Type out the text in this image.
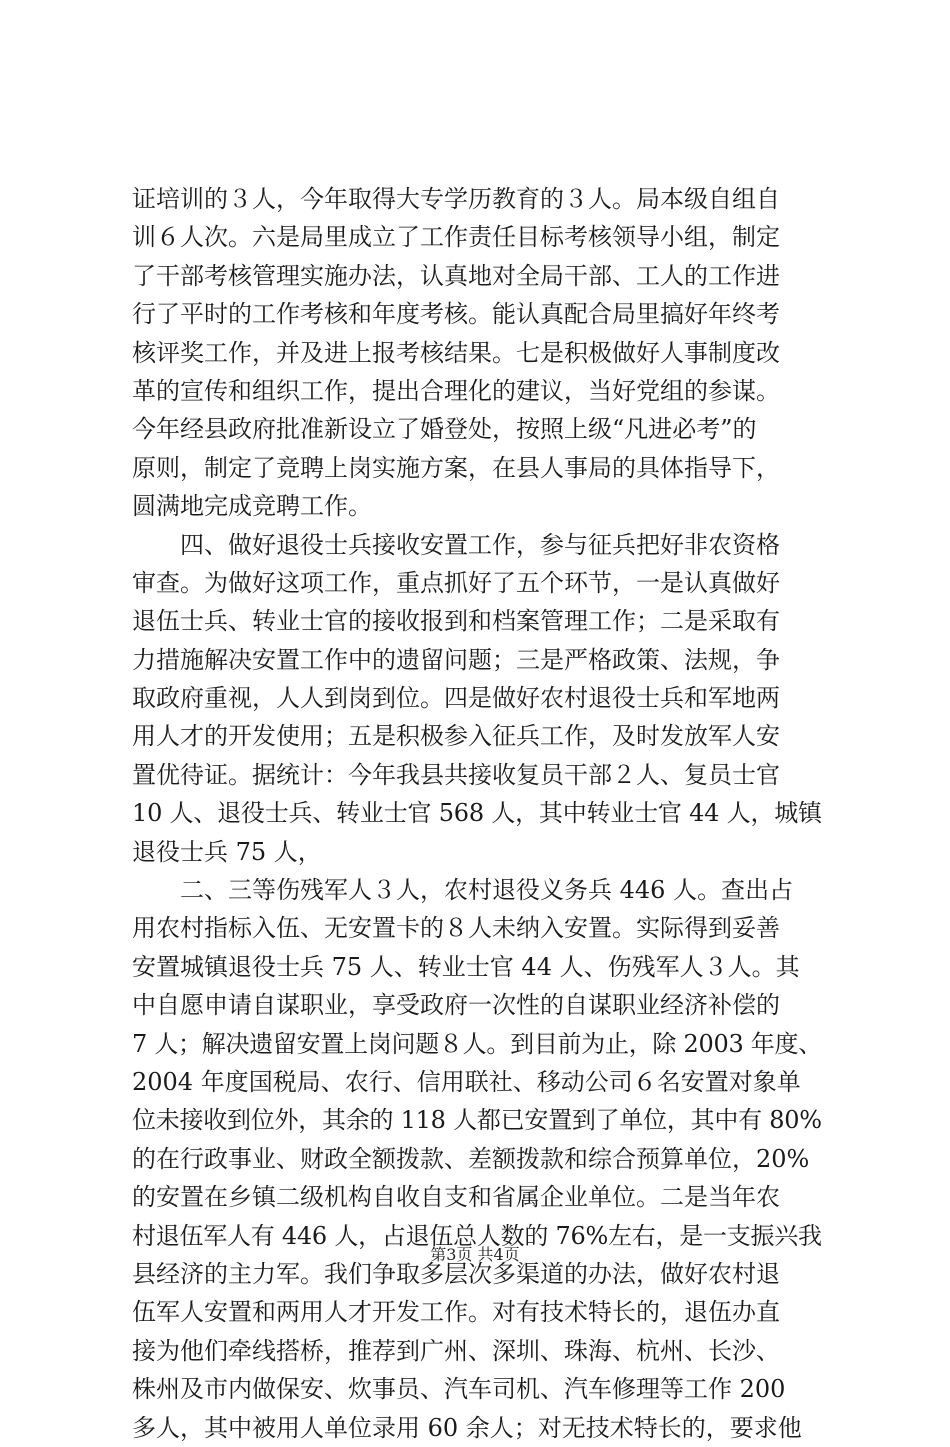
证培训的３人，今年取得大专学历教育的３人。局本级自组自
训６人次。六是局里成立了工作责任目标考核领导小组，制定
了干部考核管理实施办法，认真地对全局干部、工人的工作进
行了平时的工作考核和年度考核。能认真配合局里搞好年终考
核评奖工作，并及进上报考核结果。七是积极做好人事制度改
革的宣传和组织工作，提出合理化的建议，当好党组的参谋。
今年经县政府批准新设立了婚登处，按照上级“凡进必考”的
原则，制定了竞聘上岗实施方案，在县人事局的具体指导下，
圆满地完成竞聘工作。
　　四、做好退役士兵接收安置工作，参与征兵把好非农资格
审查。为做好这项工作，重点抓好了五个环节，一是认真做好
退伍士兵、转业士官的接收报到和档案管理工作；二是采取有
力措施解决安置工作中的遗留问题；三是严格政策、法规，争
取政府重视，人人到岗到位。四是做好农村退役士兵和军地两
用人才的开发使用；五是积极参入征兵工作，及时发放军人安
置优待证。据统计：今年我县共接收复员干部２人、复员士官
10 人、退役士兵、转业士官 568 人，其中转业士官 44 人，城镇
退役士兵 75 人，
　　二、三等伤残军人３人，农村退役义务兵 446 人。查出占
用农村指标入伍、无安置卡的８人未纳入安置。实际得到妥善
安置城镇退役士兵 75 人、转业士官 44 人、伤残军人３人。其
中自愿申请自谋职业，享受政府一次性的自谋职业经济补偿的
7 人；解决遗留安置上岗问题８人。到目前为止，除 2003 年度、
2004 年度国税局、农行、信用联社、移动公司６名安置对象单
位未接收到位外，其余的 118 人都已安置到了单位，其中有 80%
的在行政事业、财政全额拨款、差额拨款和综合预算单位，20%
的安置在乡镇二级机构自收自支和省属企业单位。二是当年农
村退伍军人有 446 人，占退伍总人数的 76%左右，是一支振兴我
县经济的主力军。我们争取多层次多渠道的办法，做好农村退
伍军人安置和两用人才开发工作。对有技术特长的，退伍办直
接为他们牵线搭桥，推荐到广州、深圳、珠海、杭州、长沙、
株州及市内做保安、炊事员、汽车司机、汽车修理等工作 200
多人，其中被用人单位录用 60 余人；对无技术特长的，要求他
第3页 共4页
